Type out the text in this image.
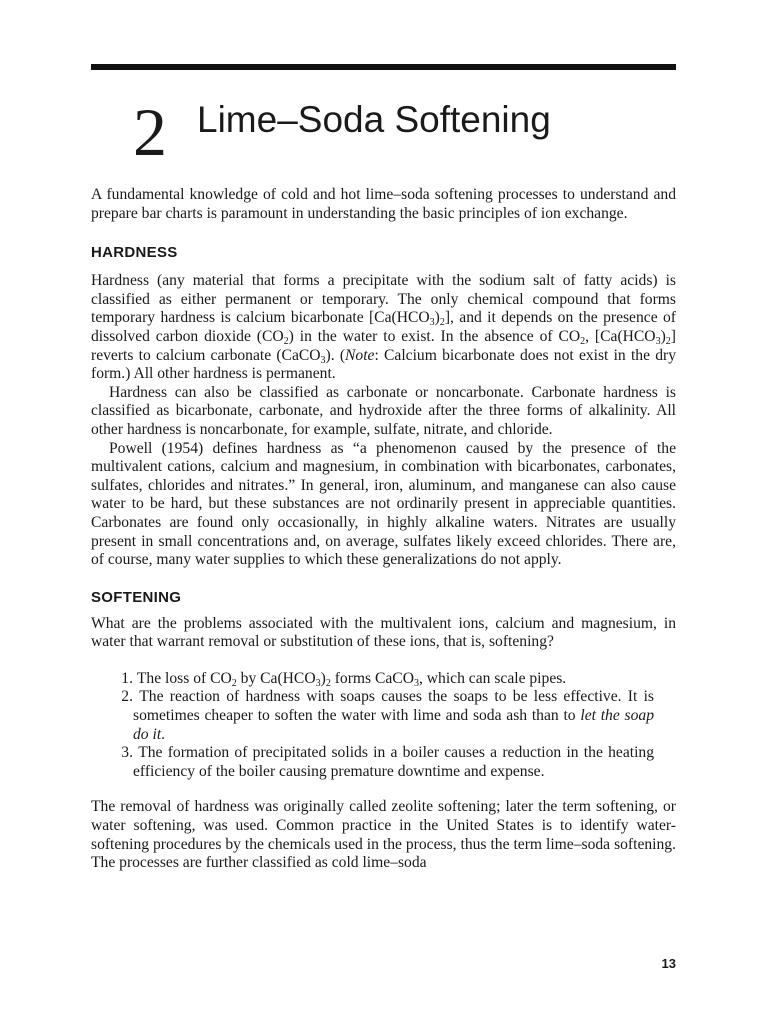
2 Lime–Soda Softening

A fundamental knowledge of cold and hot lime–soda softening processes to understand and prepare bar charts is paramount in understanding the basic principles of ion exchange.

HARDNESS

Hardness (any material that forms a precipitate with the sodium salt of fatty acids) is classified as either permanent or temporary. The only chemical compound that forms temporary hardness is calcium bicarbonate $[Ca(HCO_3)_2]$, and it depends on the presence of dissolved carbon dioxide $(CO_2)$ in the water to exist. In the absence of $CO_2$, $[Ca(HCO_3)_2]$ reverts to calcium carbonate (CaCO$_3$). (Note: Calcium bicarbonate does not exist in the dry form.) All other hardness is permanent.

Hardness can also be classified as carbonate or noncarbonate. Carbonate hardness is classified as bicarbonate, carbonate, and hydroxide after the three forms of alkalinity. All other hardness is noncarbonate, for example, sulfate, nitrate, and chloride.

Powell (1954) defines hardness as “a phenomenon caused by the presence of the multivalent cations, calcium and magnesium, in combination with bicarbonates, carbonates, sulfates, chlorides and nitrates.” In general, iron, aluminum, and manganese can also cause water to be hard, but these substances are not ordinarily present in appreciable quantities. Carbonates are found only occasionally, in highly alkaline waters. Nitrates are usually present in small concentrations and, on average, sulfates likely exceed chlorides. There are, of course, many water supplies to which these generalizations do not apply.

SOFTENING

What are the problems associated with the multivalent ions, calcium and magnesium, in water that warrant removal or substitution of these ions, that is, softening?

1. The loss of $CO_2$ by $Ca(HCO_3)_2$ forms CaCO$_3$, which can scale pipes.
2. The reaction of hardness with soaps causes the soaps to be less effective. It is sometimes cheaper to soften the water with lime and soda ash than to let the soap do it.
3. The formation of precipitated solids in a boiler causes a reduction in the heating efficiency of the boiler causing premature downtime and expense.

The removal of hardness was originally called zeolite softening; later the term softening, or water softening, was used. Common practice in the United States is to identify water-softening procedures by the chemicals used in the process, thus the term lime–soda softening. The processes are further classified as cold lime–soda

13
